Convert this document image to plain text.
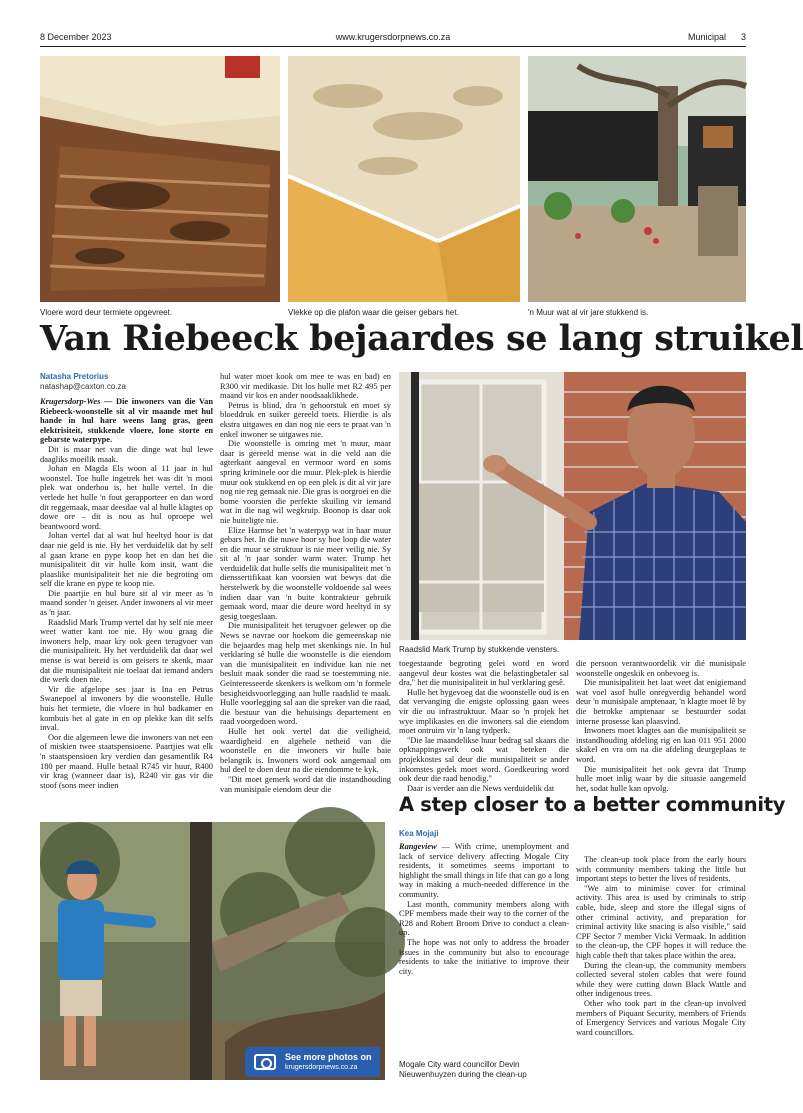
8 December 2023	www.krugersdorpnews.co.za	Municipal 3
Vloere word deur termiete opgevreet.	Vlekke op die plafon waar die geiser gebars het.	'n Muur wat al vir jare stukkend is.
Van Riebeeck bejaardes se lang struikel
Natasha Pretorius
natashap@caxton.co.za

Krugersdorp-Wes — Die inwoners van die Van Riebeeck-woonstelle sit al vir maande met hul hande in hul hare weens lang gras, geen elektrisiteit, stukkende vloere, lone storte en gebarste waterpype.

Dit is maar net van die dinge wat hul lewe daagliks moeilik maak.

Johan en Magda Els woon al 11 jaar in hul woonstel. Toe hulle ingetrek het was dit 'n mooi plek wat onderhou is, het hulle vertel. In die verlede het hulle 'n fout gerapporteer en dan word dit reggemaak, maar deesdae val al hulle klagtes op dowe ore – dit is nou as hul oproepe wel beantwoord word.

Johan vertel dat al wat hul heeltyd hoor is dat daar nie geld is nie. Hy het verduidelik dat hy self al gaan krane en pype koop het en dan het die munisipaliteit dit vir hulle kom insit, want die plaaslike munisipaliteit het nie die begroting om self die krane en pype te koop nie.

Die paartjie en hul bure sit al vir meer as 'n maand sonder 'n geiser. Ander inwoners al vir meer as 'n jaar.

Raadslid Mark Trump vertel dat hy self nie meer weet watter kant toe nie. Hy wou graag die inwoners help, maar kry ook geen terugvoer van die munisipaliteit. Hy het verduidelik dat daar wel mense is wat bereid is om geisers te skenk, maar dat die munisipaliteit nie toelaat dat iemand anders die werk doen nie.

Vir die afgelope ses jaar is Ina en Petrus Swanepoel al inwoners by die woonstelle. Hulle huis het termiete, die vloere in hul badkamer en kombuis het al gate in en op plekke kan dit selfs inval.

Oor die algemeen lewe die inwoners van net een of miskien twee staatspensioene. Paartjies wat elk 'n staatspensioen kry verdien dan gesamentlik R4 180 per maand. Hulle betaal R745 vir huur, R400 vir krag (wanneer daar is), R240 vir gas vir die stoof (sons meer indien

hul water moet kook om mee te was en bad) en R300 vir medikasie. Dit los hulle met R2 495 per maand vir kos en ander noodsaaklikhede.

Petrus is blind, dra 'n gehoorstuk en moet sy bloeddruk en suiker gereeld toets. Hierdie is als ekstra uitgawes en dan nog nie eers te praat van 'n enkel inwoner se uitgawes nie.

Die woonstelle is omring met 'n muur, maar daar is gereeld mense wat in die veld aan die agterkant aangeval en vermoor word en soms spring kriminele oor die muur. Plek-plek is hierdie muur ook stukkend en op een plek is dit al vir jare nog nie reg gemaak nie. Die gras is oorgroei en die bome voorsien die perfekte skuiling vir iemand wat in die nag wil wegkruip. Boonop is daar ook nie buiteligte nie.

Elize Harmse het 'n waterpyp wat in haar muur gebars het. In die nuwe hoor sy hoe loop die water en die muur se struktuur is nie meer veilig nie. Sy sit al 'n jaar sonder warm water. Trump het verduidelik dat hulle selfs die munisipaliteit met 'n dienssertifikaat kan voorsien wat bewys dat die herstelwerk by die woonstelle voldoende sal wees indien daar van 'n buite kontrakteur gebruik gemaak word, maar die deure word heeltyd in sy gesig toegeslaan.

Die munisipaliteit het terugvoer gelewer op die News se navrae oor hoekom die gemeenskap nie die bejaardes mag help met skenkings nie. In hul verklaring sê hulle die woonstelle is die eiendom van die munisipaliteit en individue kan nie net besluit maak sonder die raad se toestemming nie. Geïnteresseerde skenkers is welkom om 'n formele besigheidsvoorlegging aan hulle raadslid te maak. Hulle voorlegging sal aan die spreker van die raad, die bestuur van die behuisings departement en raad voorgedoen word.

Hulle het ook vertel dat die veiligheid, waardigheid en algehele netheid van die woonstelle en die inwoners vir hulle baie belangrik is. Inwoners word ook aangemaal om hul deel te doen deur na die eiendomme te kyk.

"Dit moet gemerk word dat die instandhouding van munisipale eiendom deur die

Raadslid Mark Trump by stukkende vensters.

toegestaande begroting gelei word en word aangevul deur kostes wat die belastingbetaler sal dra," het die munisipaliteit in hul verklaring gesê.

Hulle het bygevoeg dat die woonstelle oud is en dat vervanging die enigste oplossing gaan wees vir die ou infrastruktuur. Maar so 'n projek het wye implikasies en die inwoners sal die eiendom moet ontruim vir 'n lang tydperk.

"Die lae maandelikse huur bedrag sal skaars die opknappingswerk ook wat beteken die projekkostes sal deur die munisipaliteit se ander inkomstes gedek moet word. Goedkeuring word ook deur die raad benodig."

Daar is verder aan die News verduidelik dat

die persoon verantwoordelik vir dié munisipale woonstelle ongeskik en onbevoeg is.

Die munisipaliteit het laat weet dat enigiemand wat voel asof hulle onregverdig behandel word deur 'n munisipale amptenaar, 'n klagte moet lê by die betrokke amptenaar se bestuurder sodat interne prosesse kan plaasvind.

Inwoners moet klagtes aan die munisipaliteit se instandhouding afdeling rig en kan 011 951 2000 skakel en vra om na die afdeling deurgeplaas te word.

Die munisipaliteit het ook gevra dat Trump hulle moet inlig waar by die situasie aangemeld het, sodat hulle kan opvolg.

See more photos on
krugersdorpnews.co.za
A step closer to a better community
Kea Mojaji

Rangeview — With crime, unemployment and lack of service delivery affecting Mogale City residents, it sometimes seems important to highlight the small things in life that can go a long way in making a much-needed difference in the community.

Last month, community members along with CPF members made their way to the corner of the R28 and Robert Broom Drive to conduct a clean-up.

The hope was not only to address the broader issues in the community but also to encourage residents to take the initiative to improve their city.

Mogale City ward councillor Devin Nieuwenhuyzen during the clean-up

The clean-up took place from the early hours with community members taking the little but important steps to better the lives of residents.

"We aim to minimise cover for criminal activity. This area is used by criminals to strip cable, hide, sleep and store the illegal signs of other criminal activity, and preparation for criminal activity like snacing is also visible," said CPF Sector 7 member Vicki Vermaak. In addition to the clean-up, the CPF hopes it will reduce the high cable theft that takes place within the area.

During the clean-up, the community members collected several stolen cables that were found while they were cutting down Black Wattle and other indigenous trees.

Other who took part in the clean-up involved members of Piquant Security, members of Friends of Emergency Services and various Mogale City ward councillors.
